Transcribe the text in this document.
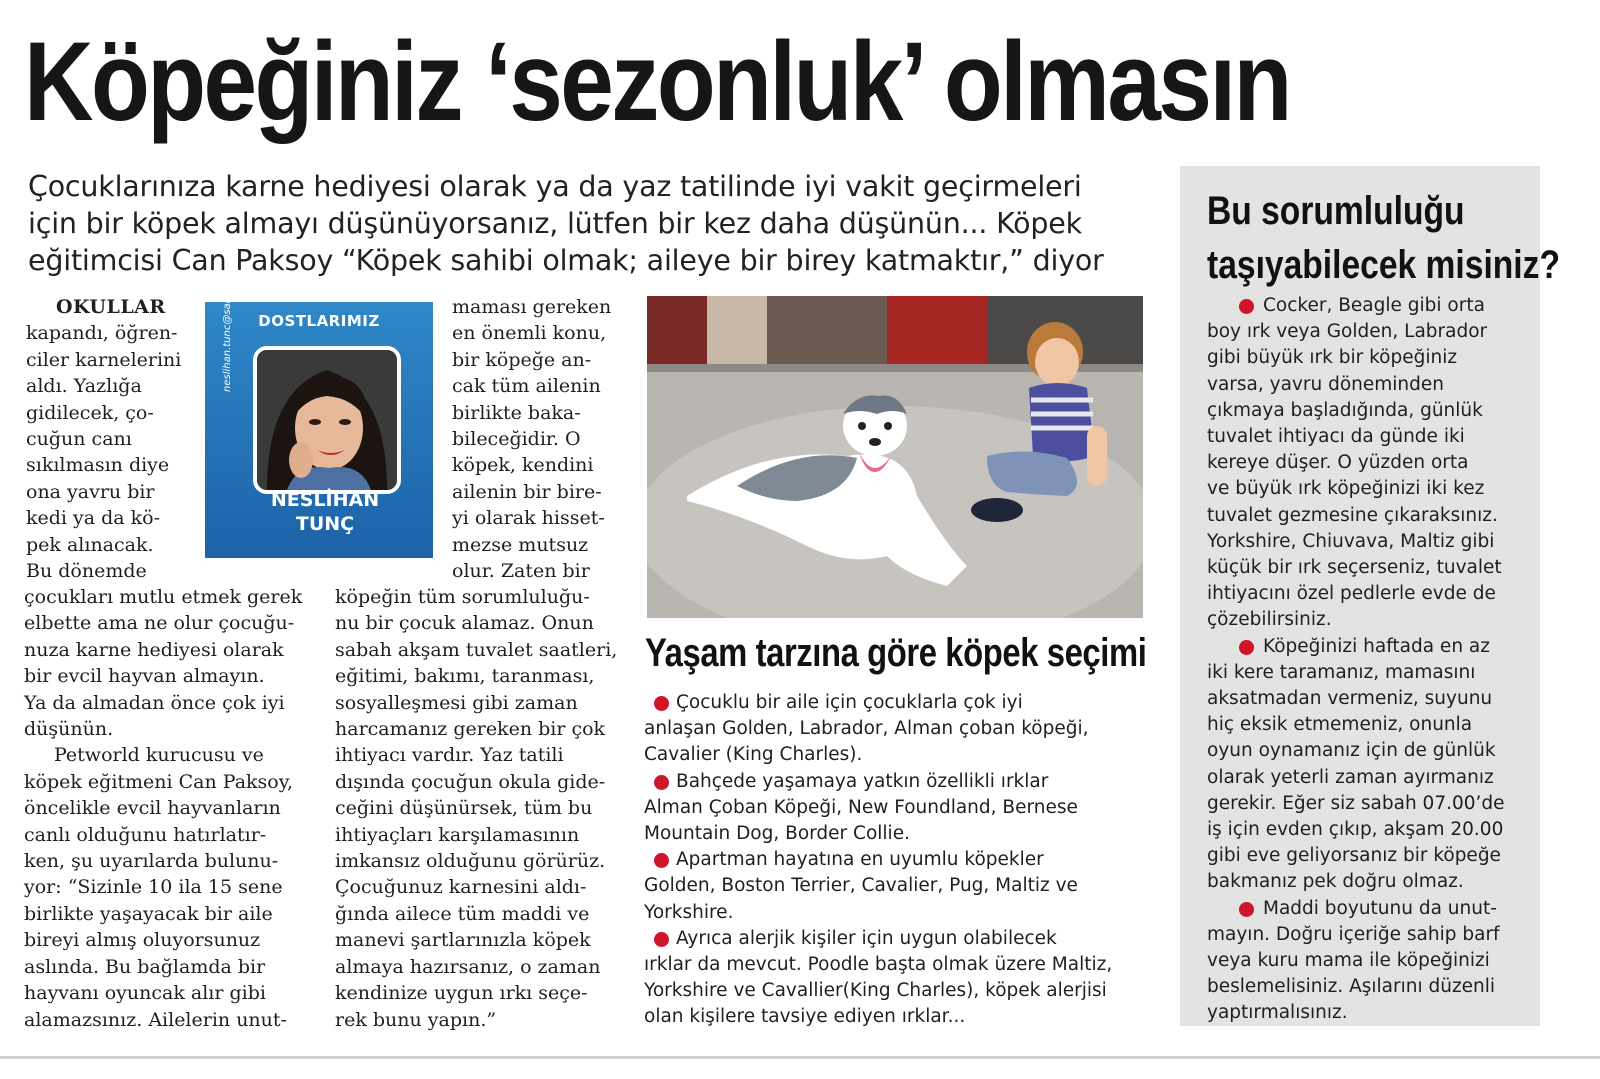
Köpeğiniz ‘sezonluk’ olmasın
Çocuklarınıza karne hediyesi olarak ya da yaz tatilinde iyi vakit geçirmeleri
için bir köpek almayı düşünüyorsanız, lütfen bir kez daha düşünün... Köpek
eğitimcisi Can Paksoy “Köpek sahibi olmak; aileye bir birey katmaktır,” diyor
OKULLAR
kapandı, öğren-
ciler karnelerini
aldı. Yazlığa
gidilecek, ço-
cuğun canı
sıkılmasın diye
ona yavru bir
kedi ya da kö-
pek alınacak.
Bu dönemde
çocukları mutlu etmek gerek
elbette ama ne olur çocuğu-
nuza karne hediyesi olarak
bir evcil hayvan almayın.
Ya da almadan önce çok iyi
düşünün.
Petworld kurucusu ve
köpek eğitmeni Can Paksoy,
öncelikle evcil hayvanların
canlı olduğunu hatırlatır-
ken, şu uyarılarda bulunu-
yor: “Sizinle 10 ila 15 sene
birlikte yaşayacak bir aile
bireyi almış oluyorsunuz
aslında. Bu bağlamda bir
hayvanı oyuncak alır gibi
alamazsınız. Ailelerin unut-
DOSTLARIMIZ
NESLİHAN
TUNÇ
neslihan.tunc@sabah.com.tr	maması gereken
en önemli konu,
bir köpeğe an-
cak tüm ailenin
birlikte baka-
bileceğidir. O
köpek, kendini
ailenin bir bire-
yi olarak hisset-
mezse mutsuz
olur. Zaten bir
köpeğin tüm sorumluluğu-
nu bir çocuk alamaz. Onun
sabah akşam tuvalet saatleri,
eğitimi, bakımı, taranması,
sosyalleşmesi gibi zaman
harcamanız gereken bir çok
ihtiyacı vardır. Yaz tatili
dışında çocuğun okula gide-
ceğini düşünürsek, tüm bu
ihtiyaçları karşılamasının
imkansız olduğunu görürüz.
Çocuğunuz karnesini aldı-
ğında ailece tüm maddi ve
manevi şartlarınızla köpek
almaya hazırsanız, o zaman
kendinize uygun ırkı seçe-
rek bunu yapın.”
Yaşam tarzına göre köpek seçimi
Çocuklu bir aile için çocuklarla çok iyi
anlaşan Golden, Labrador, Alman çoban köpeği,
Cavalier (King Charles).
Bahçede yaşamaya yatkın özellikli ırklar
Alman Çoban Köpeği, New Foundland, Bernese
Mountain Dog, Border Collie.
Apartman hayatına en uyumlu köpekler
Golden, Boston Terrier, Cavalier, Pug, Maltiz ve
Yorkshire.
Ayrıca alerjik kişiler için uygun olabilecek
ırklar da mevcut. Poodle başta olmak üzere Maltiz,
Yorkshire ve Cavallier(King Charles), köpek alerjisi
olan kişilere tavsiye ediyen ırklar...
Bu sorumluluğu
taşıyabilecek misiniz?
Cocker, Beagle gibi orta
boy ırk veya Golden, Labrador
gibi büyük ırk bir köpeğiniz
varsa, yavru döneminden
çıkmaya başladığında, günlük
tuvalet ihtiyacı da günde iki
kereye düşer. O yüzden orta
ve büyük ırk köpeğinizi iki kez
tuvalet gezmesine çıkaraksınız.
Yorkshire, Chiuvava, Maltiz gibi
küçük bir ırk seçerseniz, tuvalet
ihtiyacını özel pedlerle evde de
çözebilirsiniz.
Köpeğinizi haftada en az
iki kere taramanız, mamasını
aksatmadan vermeniz, suyunu
hiç eksik etmemeniz, onunla
oyun oynamanız için de günlük
olarak yeterli zaman ayırmanız
gerekir. Eğer siz sabah 07.00’de
iş için evden çıkıp, akşam 20.00
gibi eve geliyorsanız bir köpeğe
bakmanız pek doğru olmaz.
Maddi boyutunu da unut-
mayın. Doğru içeriğe sahip barf
veya kuru mama ile köpeğinizi
beslemelisiniz. Aşılarını düzenli
yaptırmalısınız.
